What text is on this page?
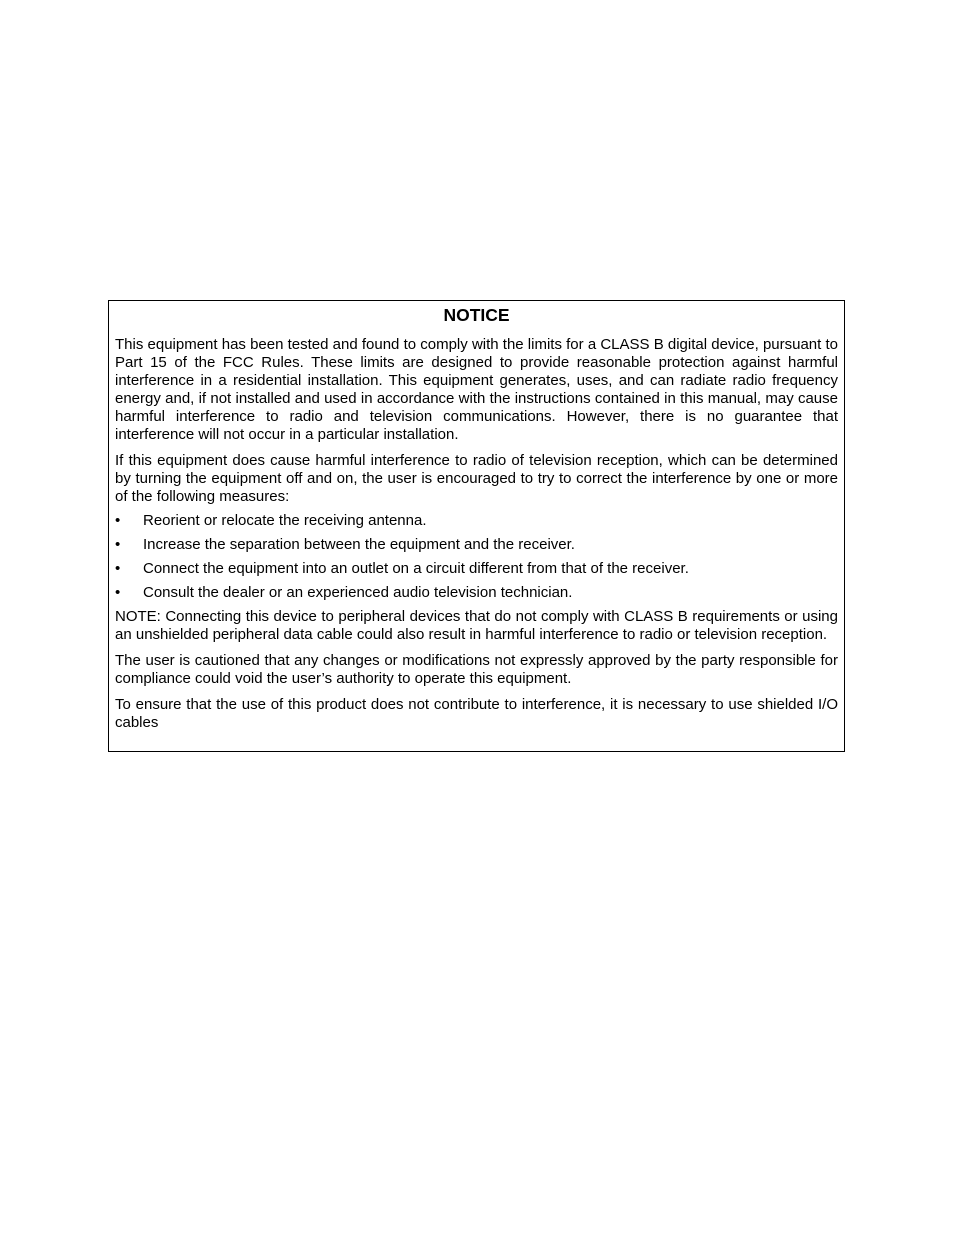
NOTICE

This equipment has been tested and found to comply with the limits for a CLASS B digital device, pursuant to Part 15 of the FCC Rules. These limits are designed to provide reasonable protection against harmful interference in a residential installation. This equipment generates, uses, and can radiate radio frequency energy and, if not installed and used in accordance with the instructions contained in this manual, may cause harmful interference to radio and television communications. However, there is no guarantee that interference will not occur in a particular installation.

If this equipment does cause harmful interference to radio of television reception, which can be determined by turning the equipment off and on, the user is encouraged to try to correct the interference by one or more of the following measures:

•	Reorient or relocate the receiving antenna.
•	Increase the separation between the equipment and the receiver.
•	Connect the equipment into an outlet on a circuit different from that of the receiver.
•	Consult the dealer or an experienced audio television technician.

NOTE: Connecting this device to peripheral devices that do not comply with CLASS B requirements or using an unshielded peripheral data cable could also result in harmful interference to radio or television reception.

The user is cautioned that any changes or modifications not expressly approved by the party responsible for compliance could void the user’s authority to operate this equipment.

To ensure that the use of this product does not contribute to interference, it is necessary to use shielded I/O cables
